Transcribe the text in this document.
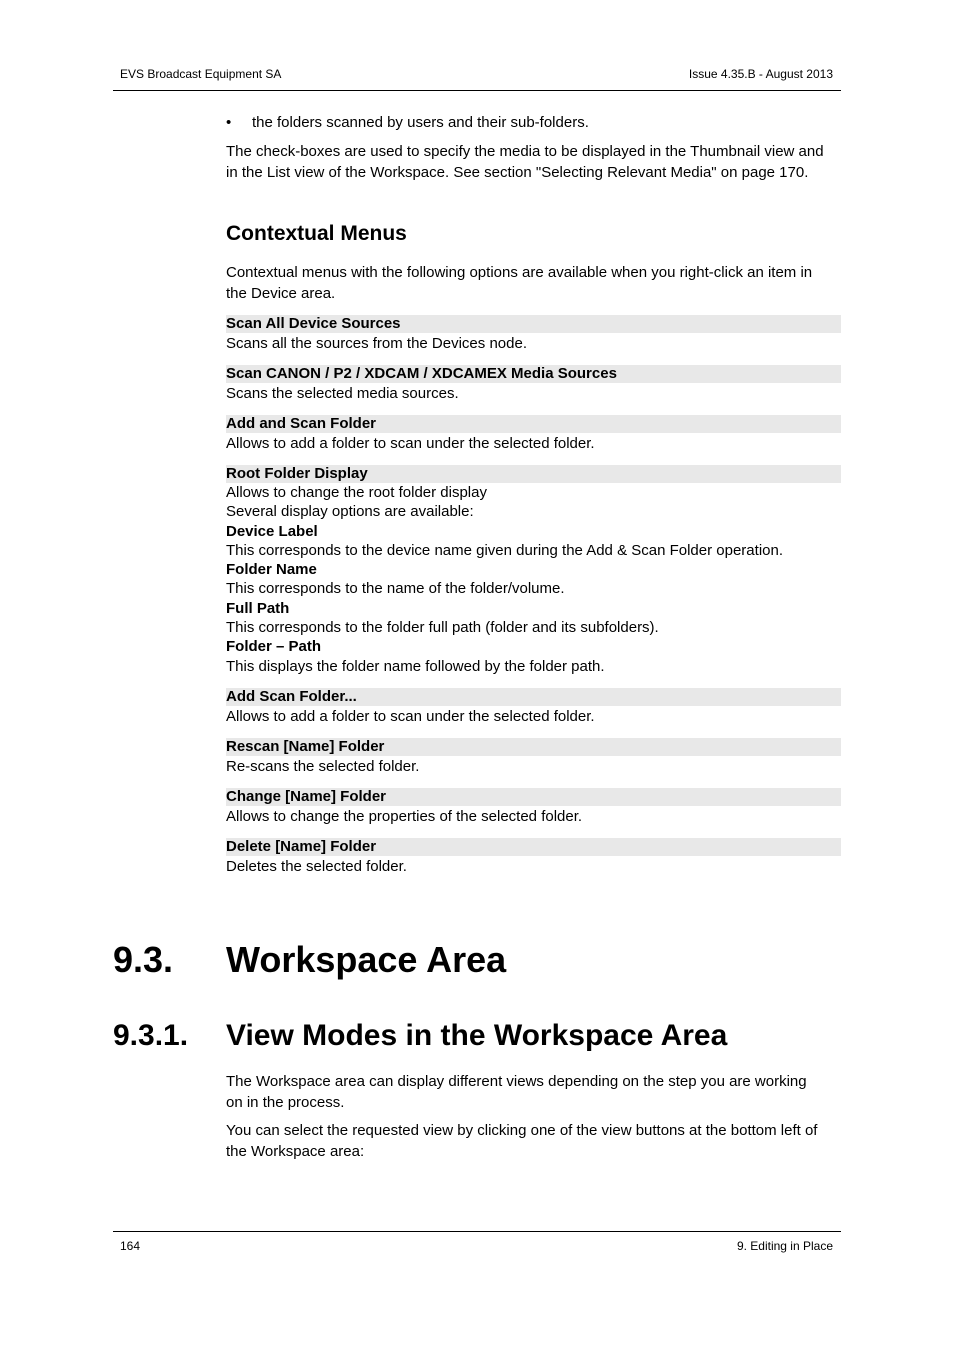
EVS Broadcast Equipment SA	Issue 4.35.B - August 2013
• the folders scanned by users and their sub-folders.

The check-boxes are used to specify the media to be displayed in the Thumbnail view and
in the List view of the Workspace. See section "Selecting Relevant Media" on page 170.

Contextual Menus

Contextual menus with the following options are available when you right-click an item in
the Device area.

Scan All Device Sources
Scans all the sources from the Devices node.
Scan CANON / P2 / XDCAM / XDCAMEX Media Sources
Scans the selected media sources.
Add and Scan Folder
Allows to add a folder to scan under the selected folder.
Root Folder Display
Allows to change the root folder display
Several display options are available:
Device Label
This corresponds to the device name given during the Add & Scan Folder operation.
Folder Name
This corresponds to the name of the folder/volume.
Full Path
This corresponds to the folder full path (folder and its subfolders).
Folder – Path
This displays the folder name followed by the folder path.
Add Scan Folder...
Allows to add a folder to scan under the selected folder.
Rescan [Name] Folder
Re-scans the selected folder.
Change [Name] Folder
Allows to change the properties of the selected folder.
Delete [Name] Folder
Deletes the selected folder.
9.3. Workspace Area
9.3.1. View Modes in the Workspace Area

The Workspace area can display different views depending on the step you are working
on in the process.

You can select the requested view by clicking one of the view buttons at the bottom left of
the Workspace area:

164	9. Editing in Place
